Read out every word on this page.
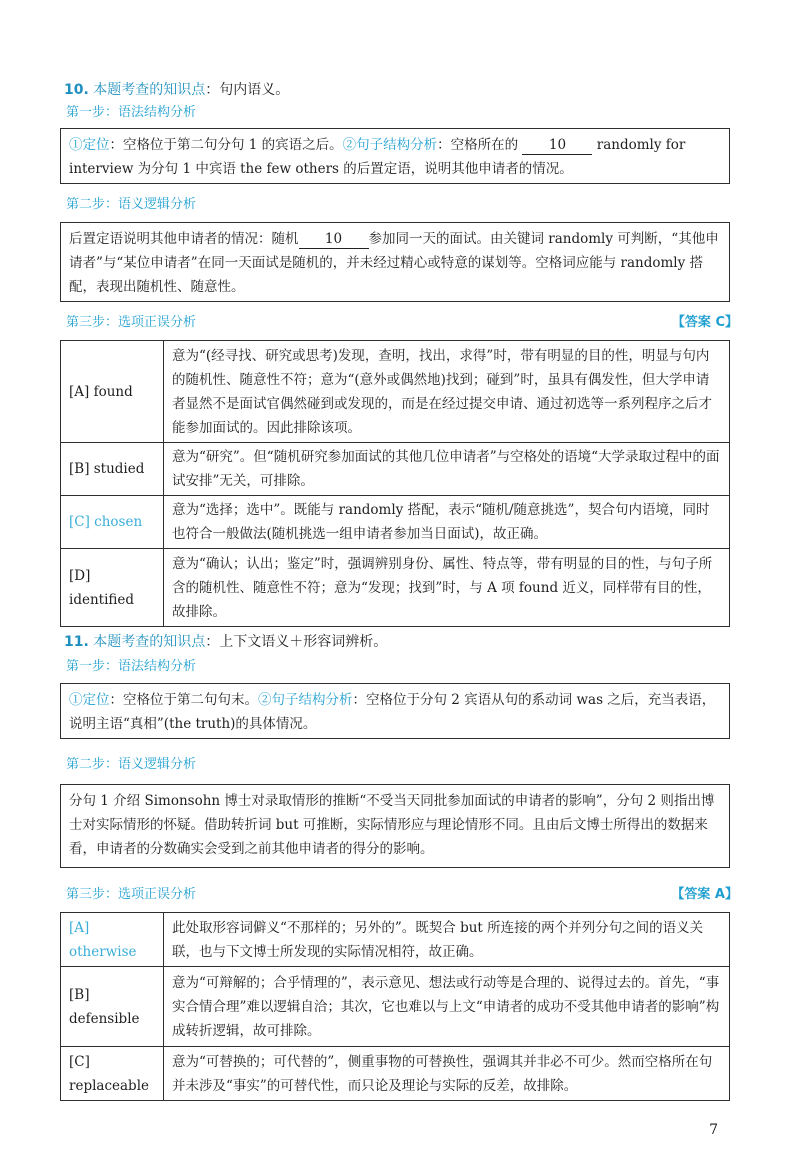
10. 本题考查的知识点：句内语义。
第一步：语法结构分析
①定位：空格位于第二句分句 1 的宾语之后。②句子结构分析：空格所在的 10 randomly for interview 为分句 1 中宾语 the few others 的后置定语，说明其他申请者的情况。
第二步：语义逻辑分析
后置定语说明其他申请者的情况：随机 10 参加同一天的面试。由关键词 randomly 可判断，“其他申请者”与“某位申请者”在同一天面试是随机的，并未经过精心或特意的谋划等。空格词应能与 randomly 搭配，表现出随机性、随意性。
第三步：选项正误分析	【答案 C】
[A] found	意为“(经寻找、研究或思考)发现，查明，找出，求得”时，带有明显的目的性，明显与句内的随机性、随意性不符；意为“(意外或偶然地)找到；碰到”时，虽具有偶发性，但大学申请者显然不是面试官偶然碰到或发现的，而是在经过提交申请、通过初选等一系列程序之后才能参加面试的。因此排除该项。
[B] studied	意为“研究”。但“随机研究参加面试的其他几位申请者”与空格处的语境“大学录取过程中的面试安排”无关，可排除。
[C] chosen	意为“选择；选中”。既能与 randomly 搭配，表示“随机/随意挑选”，契合句内语境，同时也符合一般做法(随机挑选一组申请者参加当日面试)，故正确。
[D] identified	意为“确认；认出；鉴定”时，强调辨别身份、属性、特点等，带有明显的目的性，与句子所含的随机性、随意性不符；意为“发现；找到”时，与 A 项 found 近义，同样带有目的性，故排除。
11. 本题考查的知识点：上下文语义＋形容词辨析。
第一步：语法结构分析
①定位：空格位于第二句句末。②句子结构分析：空格位于分句 2 宾语从句的系动词 was 之后，充当表语，说明主语“真相”(the truth)的具体情况。
第二步：语义逻辑分析
分句 1 介绍 Simonsohn 博士对录取情形的推断“不受当天同批参加面试的申请者的影响”，分句 2 则指出博士对实际情形的怀疑。借助转折词 but 可推断，实际情形应与理论情形不同。且由后文博士所得出的数据来看，申请者的分数确实会受到之前其他申请者的得分的影响。
第三步：选项正误分析	【答案 A】
[A] otherwise	此处取形容词僻义“不那样的；另外的”。既契合 but 所连接的两个并列分句之间的语义关联，也与下文博士所发现的实际情况相符，故正确。
[B] defensible	意为“可辩解的；合乎情理的”，表示意见、想法或行动等是合理的、说得过去的。首先，“事实合情合理”难以逻辑自洽；其次，它也难以与上文“申请者的成功不受其他申请者的影响”构成转折逻辑，故可排除。
[C] replaceable	意为“可替换的；可代替的”，侧重事物的可替换性，强调其并非必不可少。然而空格所在句并未涉及“事实”的可替代性，而只论及理论与实际的反差，故排除。
7
